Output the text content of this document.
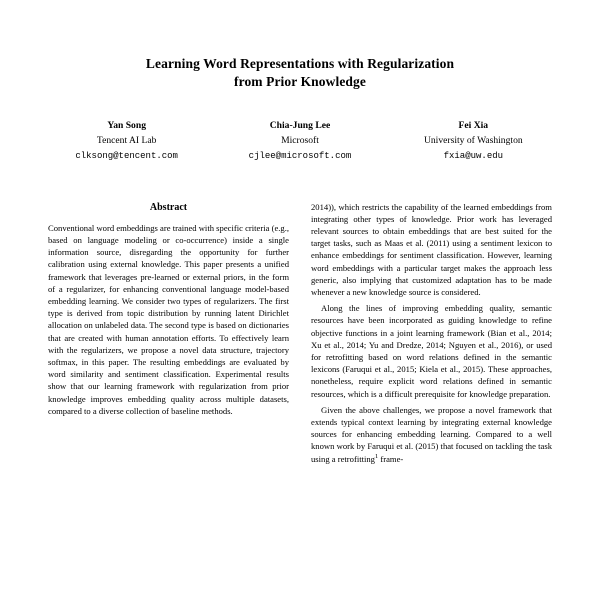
Learning Word Representations with Regularization
from Prior Knowledge
Yan Song
Tencent AI Lab
clksong@tencent.com
Chia-Jung Lee
Microsoft
cjlee@microsoft.com
Fei Xia
University of Washington
fxia@uw.edu
Abstract

Conventional word embeddings are trained with specific criteria (e.g., based on language modeling or co-occurrence) inside a single information source, disregarding the opportunity for further calibration using external knowledge. This paper presents a unified framework that leverages pre-learned or external priors, in the form of a regularizer, for enhancing conventional language model-based embedding learning. We consider two types of regularizers. The first type is derived from topic distribution by running latent Dirichlet allocation on unlabeled data. The second type is based on dictionaries that are created with human annotation efforts. To effectively learn with the regularizers, we propose a novel data structure, trajectory softmax, in this paper. The resulting embeddings are evaluated by word similarity and sentiment classification. Experimental results show that our learning framework with regularization from prior knowledge improves embedding quality across multiple datasets, compared to a diverse collection of baseline methods.

2014)), which restricts the capability of the learned embeddings from integrating other types of knowledge. Prior work has leveraged relevant sources to obtain embeddings that are best suited for the target tasks, such as Maas et al. (2011) using a sentiment lexicon to enhance embeddings for sentiment classification. However, learning word embeddings with a particular target makes the approach less generic, also implying that customized adaptation has to be made whenever a new knowledge source is considered.

Along the lines of improving embedding quality, semantic resources have been incorporated as guiding knowledge to refine objective functions in a joint learning framework (Bian et al., 2014; Xu et al., 2014; Yu and Dredze, 2014; Nguyen et al., 2016), or used for retrofitting based on word relations defined in the semantic lexicons (Faruqui et al., 2015; Kiela et al., 2015). These approaches, nonetheless, require explicit word relations defined in semantic resources, which is a difficult prerequisite for knowledge preparation.

Given the above challenges, we propose a novel framework that extends typical context learning by integrating external knowledge sources for enhancing embedding learning. Compared to a well known work by Faruqui et al. (2015) that focused on tackling the task using a retrofitting$^1$ frame-
